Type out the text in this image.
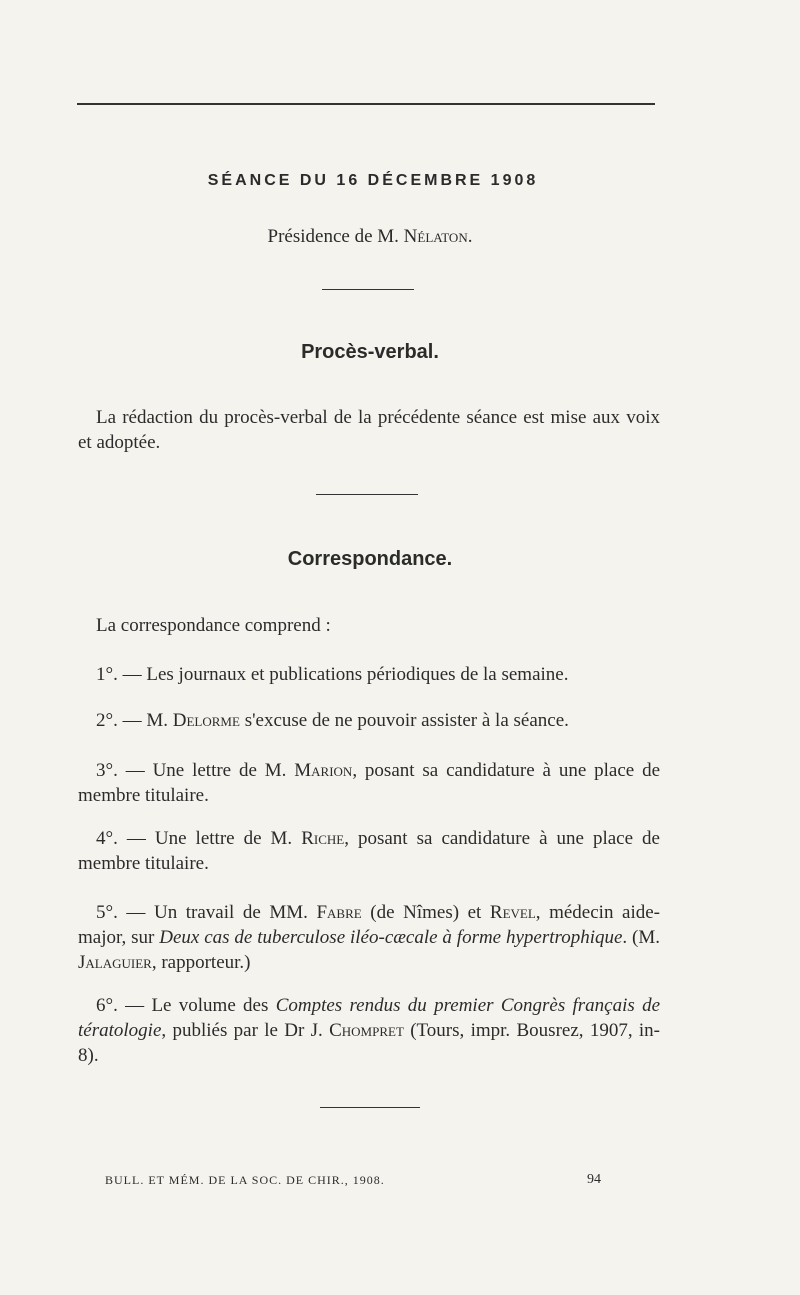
SÉANCE DU 16 DÉCEMBRE 1908
Présidence de M. Nélaton.
Procès-verbal.
La rédaction du procès-verbal de la précédente séance est mise aux voix et adoptée.
Correspondance.
La correspondance comprend :
1°. — Les journaux et publications périodiques de la semaine.
2°. — M. Delorme s'excuse de ne pouvoir assister à la séance.
3°. — Une lettre de M. Marion, posant sa candidature à une place de membre titulaire.
4°. — Une lettre de M. Riche, posant sa candidature à une place de membre titulaire.
5°. — Un travail de MM. Fabre (de Nîmes) et Revel, médecin aide-major, sur Deux cas de tuberculose iléo-cæcale à forme hypertrophique. (M. Jalaguier, rapporteur.)
6°. — Le volume des Comptes rendus du premier Congrès français de tératologie, publiés par le Dr J. Chompret (Tours, impr. Bousrez, 1907, in-8).
BULL. ET MÉM. DE LA SOC. DE CHIR., 1908.	94
